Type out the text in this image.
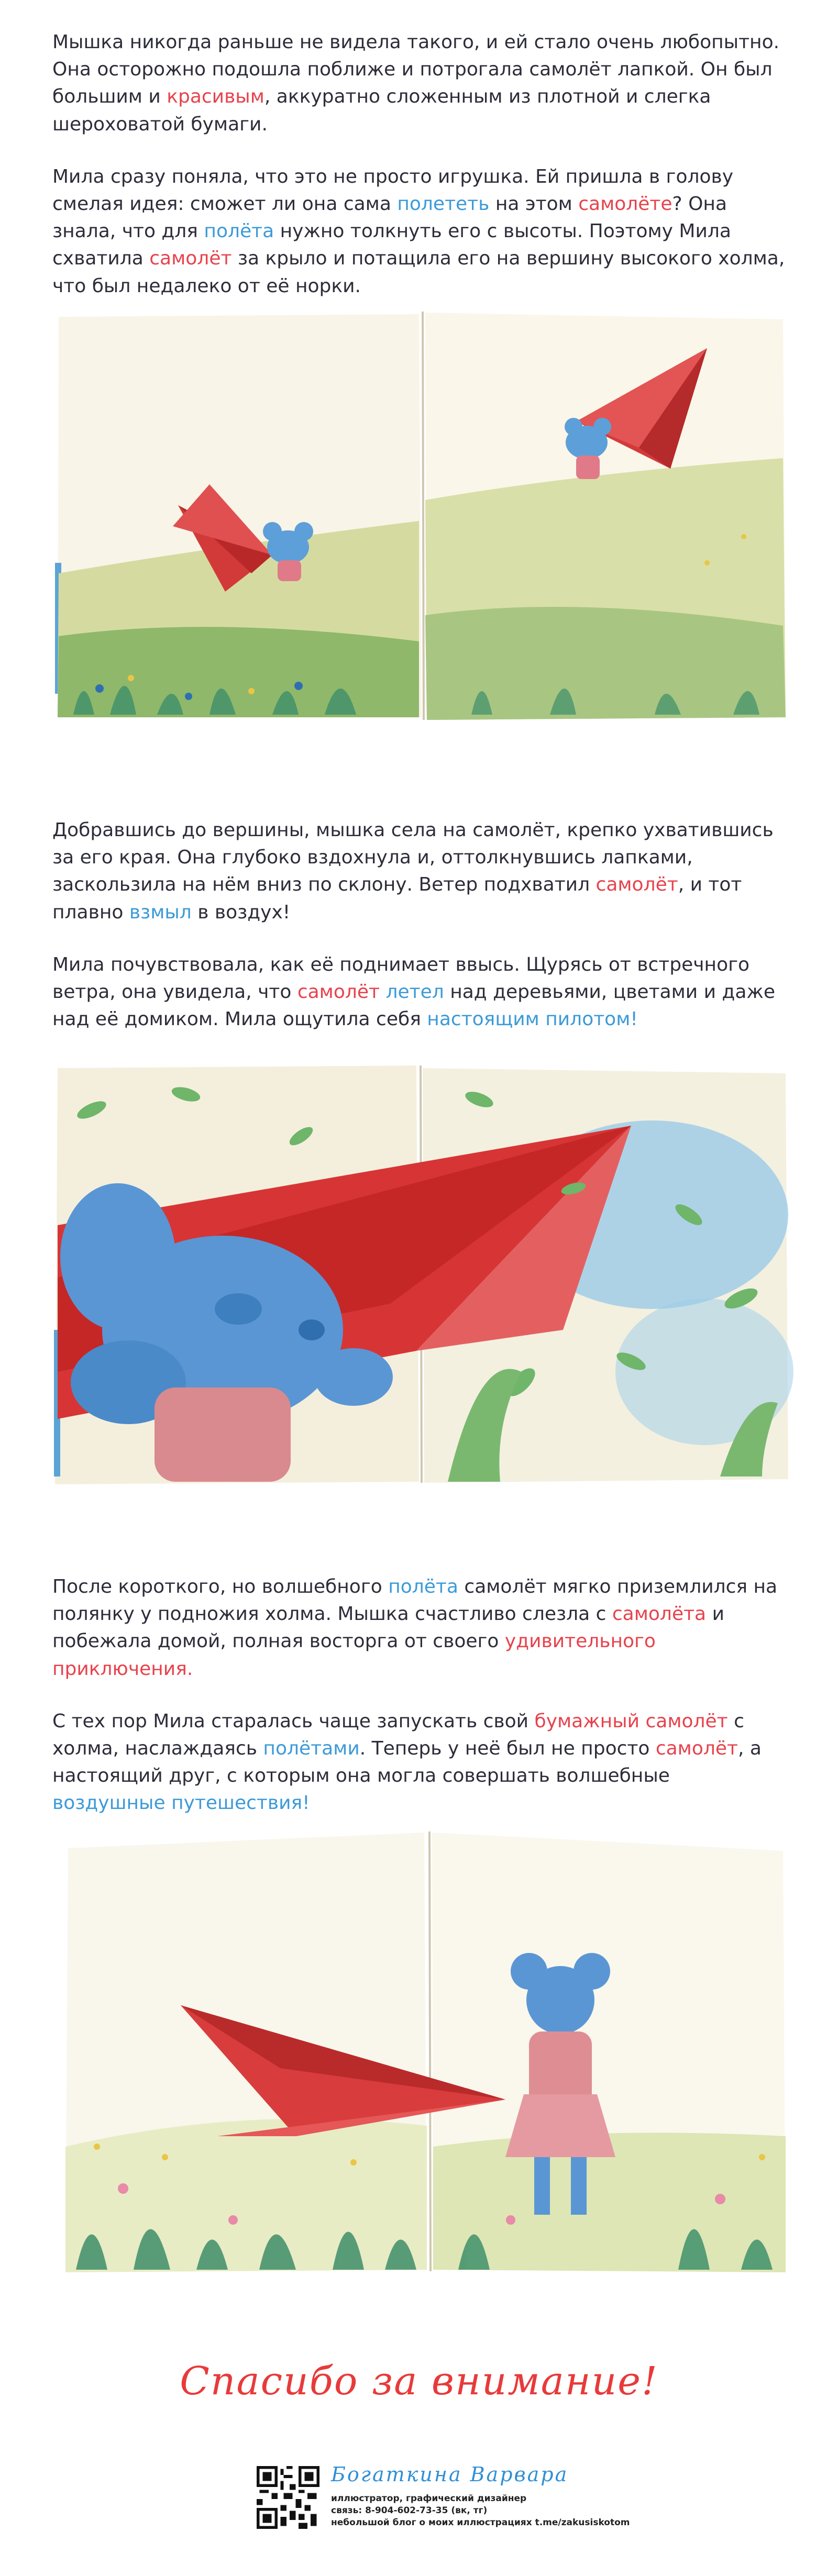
Мышка никогда раньше не видела такого, и ей стало очень любопытно. Она осторожно подошла поближе и потрогала самолёт лапкой. Он был большим и красивым, аккуратно сложенным из плотной и слегка шероховатой бумаги.

Мила сразу поняла, что это не просто игрушка. Ей пришла в голову смелая идея: сможет ли она сама полететь на этом самолёте? Она знала, что для полёта нужно толкнуть его с высоты. Поэтому Мила схватила самолёт за крыло и потащила его на вершину высокого холма, что был недалеко от её норки.

Добравшись до вершины, мышка села на самолёт, крепко ухватившись за его края. Она глубоко вздохнула и, оттолкнувшись лапками, заскользила на нём вниз по склону. Ветер подхватил самолёт, и тот плавно взмыл в воздух!

Мила почувствовала, как её поднимает ввысь. Щурясь от встречного ветра, она увидела, что самолёт летел над деревьями, цветами и даже над её домиком. Мила ощутила себя настоящим пилотом!

После короткого, но волшебного полёта самолёт мягко приземлился на полянку у подножия холма. Мышка счастливо слезла с самолёта и побежала домой, полная восторга от своего удивительного приключения.

С тех пор Мила старалась чаще запускать свой бумажный самолёт с холма, наслаждаясь полётами. Теперь у неё был не просто самолёт, а настоящий друг, с которым она могла совершать волшебные воздушные путешествия!

Спасибо за внимание!
Богаткина Варвара
иллюстратор, графический дизайнер
связь: 8-904-602-73-35 (вк, тг)
небольшой блог о моих иллюстрациях t.me/zakusiskotom
